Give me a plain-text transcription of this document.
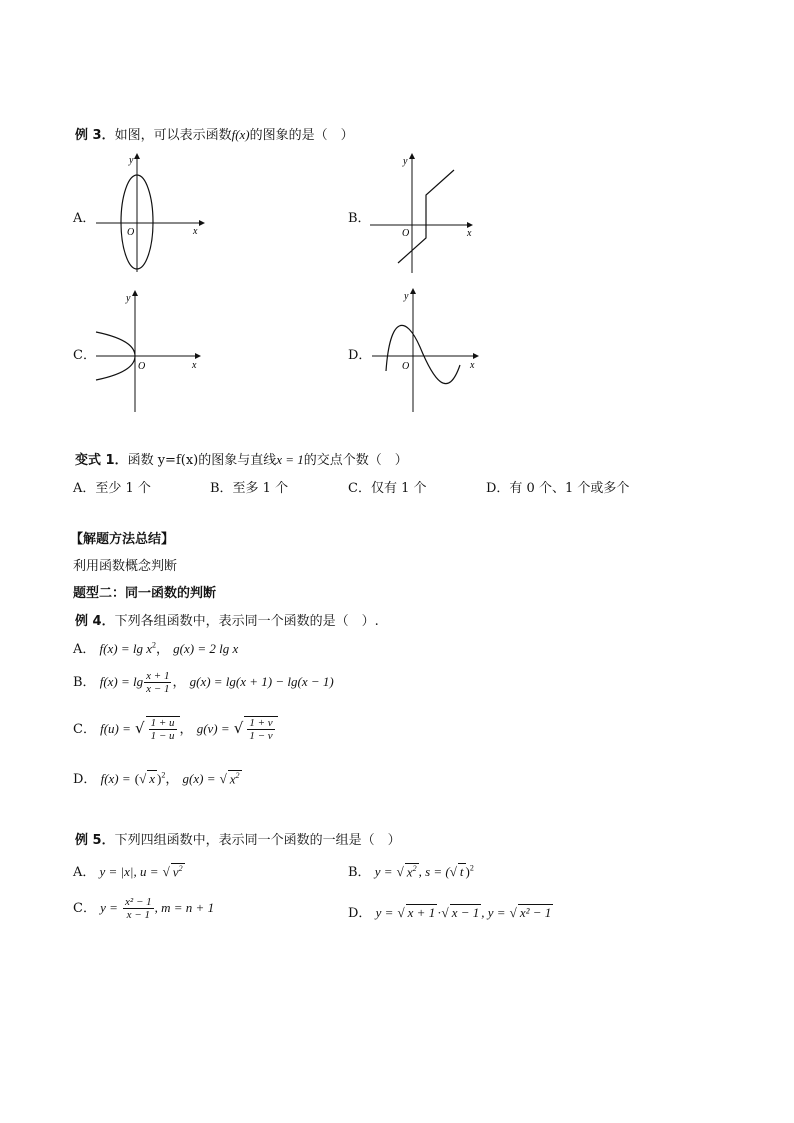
例 3．如图，可以表示函数f(x)的图象的是（　）
A．
y
x
O
B．
y
x
O
C．
y
x
O
D．
y
x
O
变式 1．函数 y=f(x)的图象与直线x = 1的交点个数（　）
A．至少 1 个	B．至多 1 个	C．仅有 1 个	D．有 0 个、1 个或多个
【解题方法总结】
利用函数概念判断
题型二：同一函数的判断
例 4．下列各组函数中，表示同一个函数的是（　）.
A． $f(x) = \lg x^2$， g(x) = 2 lg x
B． $f(x) = \lg \frac{x + 1}{x - 1}$ ， g(x) = lg(x + 1) − lg(x − 1)
C． f(u) = √ $\frac{1 + u}{1 - u}$ ， g(v) = √ $\frac{1 + v}{1 - v}$
D． f(x) = (√ x )$^2$， g(x) = √ $x^2$
例 5．下列四组函数中，表示同一个函数的一组是（　）
A． y = |x|, u = √ $v^2$	B． y = √ $x^2$ , s = (√ t )$^2$
C． $y = \frac{\text{x² − 1}}{x - 1}$ , m = n + 1	D． y = √ x + 1 ·√ x − 1 , y = √ x² − 1
